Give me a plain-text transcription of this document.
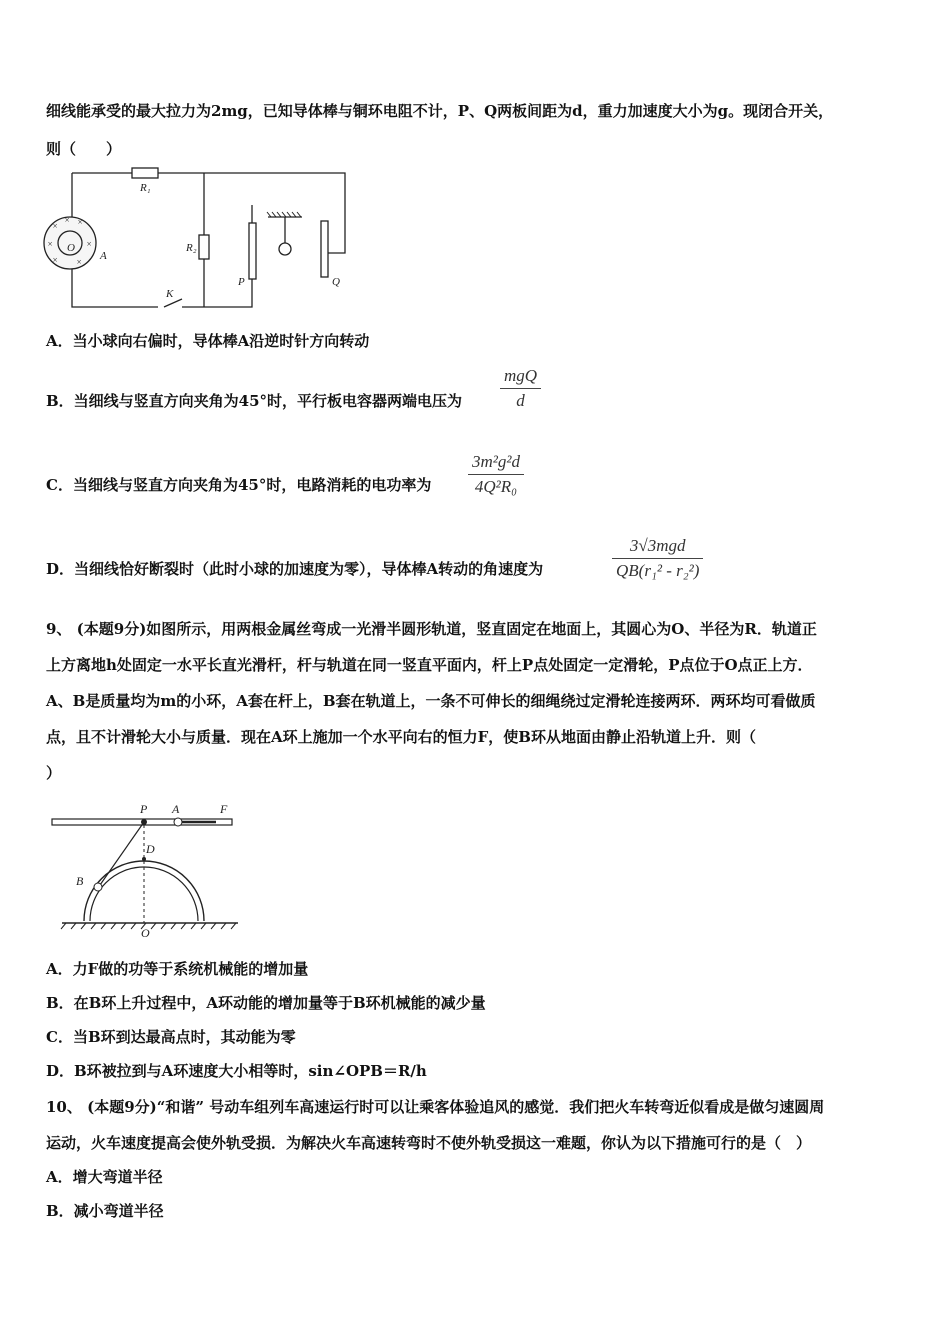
细线能承受的最大拉力为2mg，已知导体棒与铜环电阻不计，P、Q两板间距为d，重力加速度大小为g。现闭合开关，
则（　　）
×
× ×
×	×
× ×
R₁
R₂
K
P	Q
A
O
A．当小球向右偏时，导体棒A沿逆时针方向转动
B．当细线与竖直方向夹角为45°时，平行板电容器两端电压为
mgQ
d
C．当细线与竖直方向夹角为45°时，电路消耗的电功率为
3m²g²d
4Q²R₀
D．当细线恰好断裂时（此时小球的加速度为零），导体棒A转动的角速度为
3√3mgd
QB(r₁² - r₂²)
9、 (本题9分)如图所示，用两根金属丝弯成一光滑半圆形轨道，竖直固定在地面上，其圆心为O、半径为R．轨道正
上方离地h处固定一水平长直光滑杆，杆与轨道在同一竖直平面内，杆上P点处固定一定滑轮，P点位于O点正上方．
A、B是质量均为m的小环，A套在杆上，B套在轨道上，一条不可伸长的细绳绕过定滑轮连接两环．两环均可看做质
点，且不计滑轮大小与质量．现在A环上施加一个水平向右的恒力F，使B环从地面由静止沿轨道上升．则（
）
P A	F
D
B
O
A．力F做的功等于系统机械能的增加量
B．在B环上升过程中，A环动能的增加量等于B环机械能的减少量
C．当B环到达最高点时，其动能为零
D．B环被拉到与A环速度大小相等时，sin∠OPB＝R/h
10、 (本题9分)“和谐” 号动车组列车高速运行时可以让乘客体验追风的感觉．我们把火车转弯近似看成是做匀速圆周
运动，火车速度提高会使外轨受损．为解决火车高速转弯时不使外轨受损这一难题，你认为以下措施可行的是（　）
A．增大弯道半径
B．减小弯道半径
